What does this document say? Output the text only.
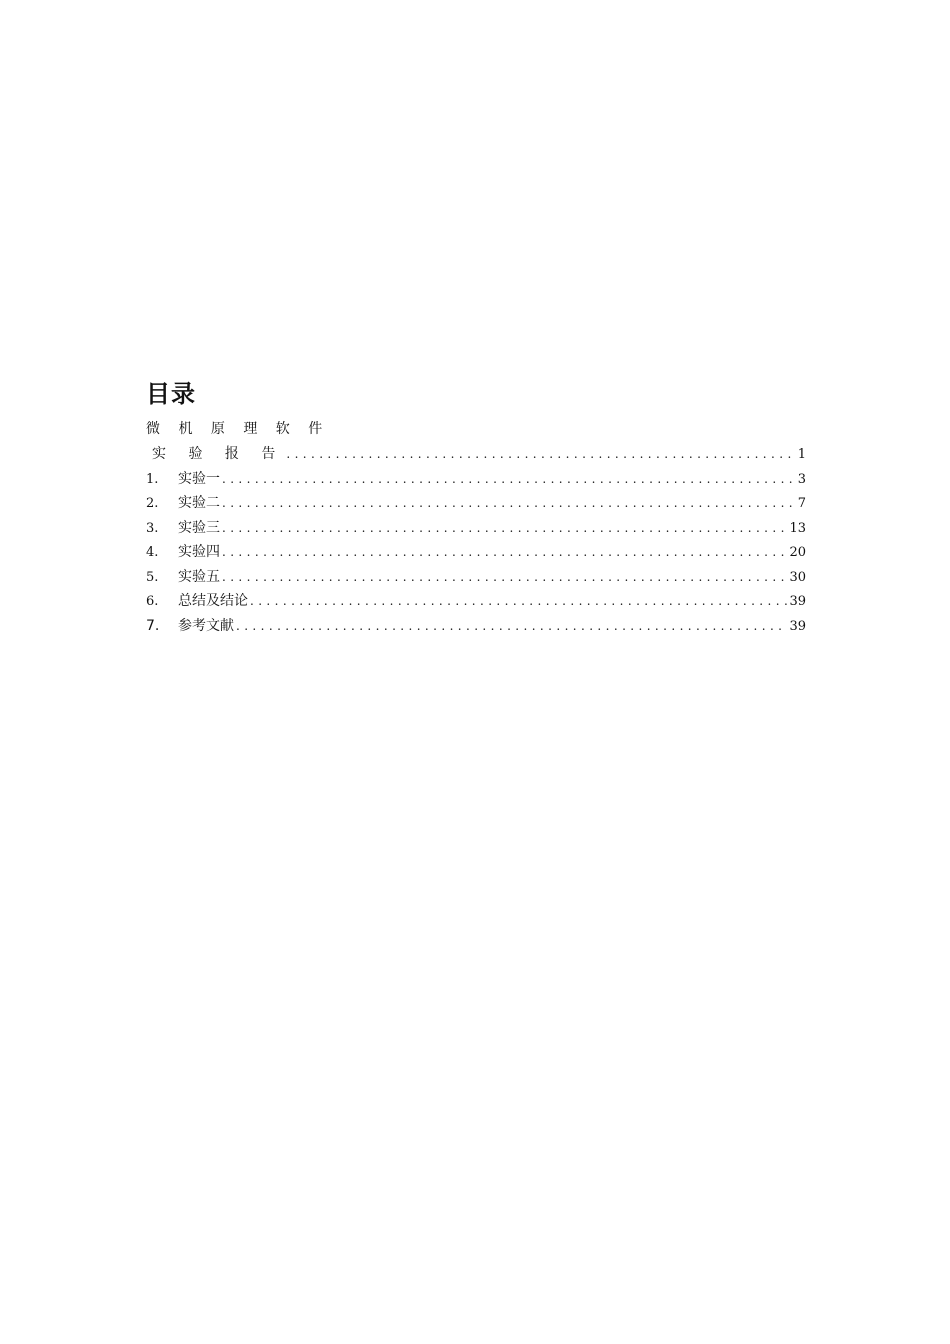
目录
微 机 原 理 软 件
实 验 报 告 .....	1
1.	实验一 .....	3
2.	实验二 .....	7
3.	实验三 .....	13
4.	实验四 .....	20
5.	实验五 .....	30
6.	总结及结论 .....	39
7.	参考文献 .....	39
